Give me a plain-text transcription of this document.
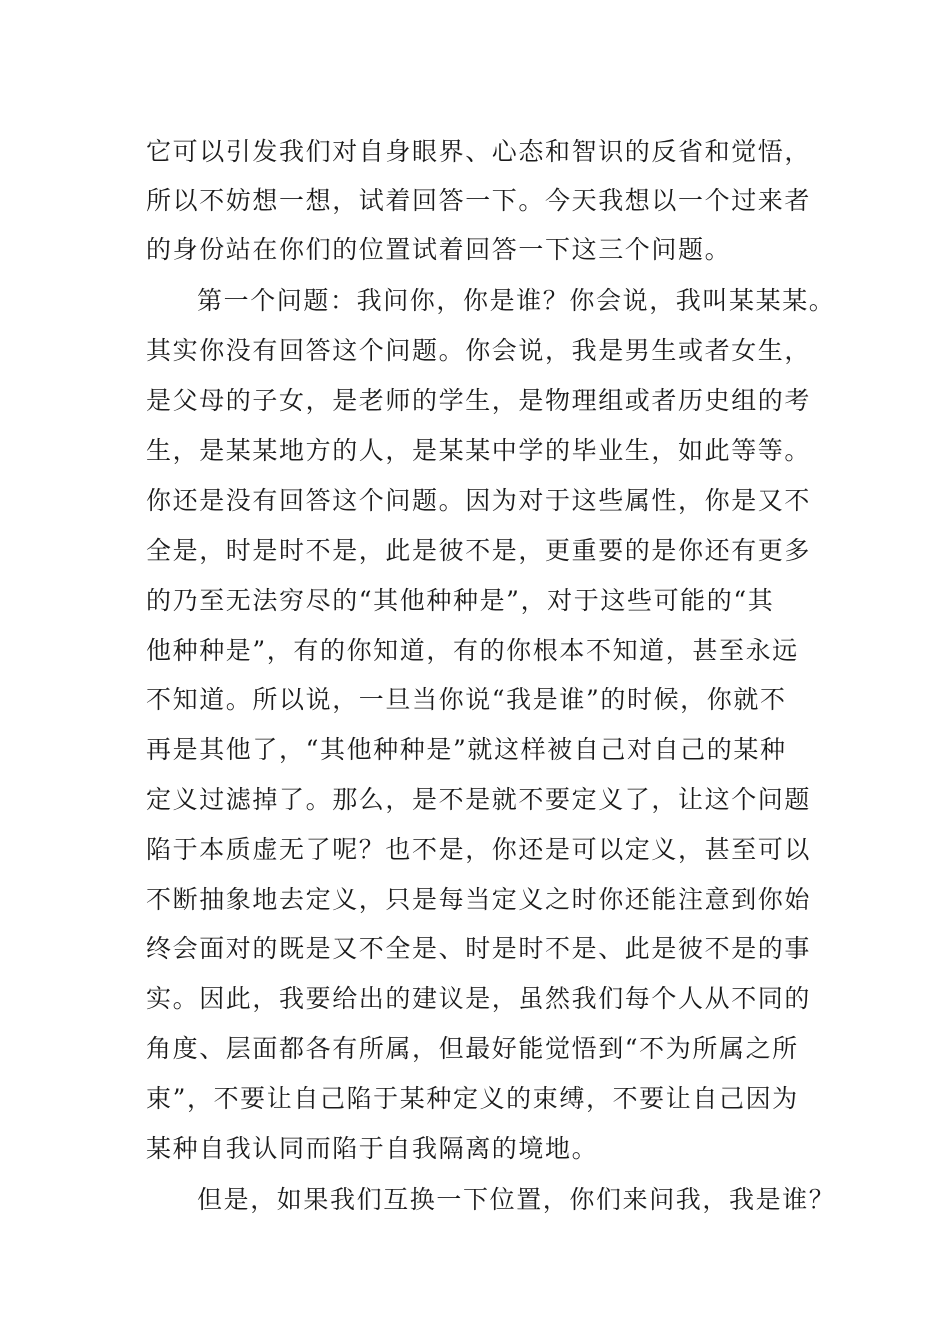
它可以引发我们对自身眼界、心态和智识的反省和觉悟，
所以不妨想一想，试着回答一下。今天我想以一个过来者
的身份站在你们的位置试着回答一下这三个问题。
第一个问题：我问你，你是谁？你会说，我叫某某某。
其实你没有回答这个问题。你会说，我是男生或者女生，
是父母的子女，是老师的学生，是物理组或者历史组的考
生，是某某地方的人，是某某中学的毕业生，如此等等。
你还是没有回答这个问题。因为对于这些属性，你是又不
全是，时是时不是，此是彼不是，更重要的是你还有更多
的乃至无法穷尽的“其他种种是”，对于这些可能的“其
他种种是”，有的你知道，有的你根本不知道，甚至永远
不知道。所以说，一旦当你说“我是谁”的时候，你就不
再是其他了，“其他种种是”就这样被自己对自己的某种
定义过滤掉了。那么，是不是就不要定义了，让这个问题
陷于本质虚无了呢？也不是，你还是可以定义，甚至可以
不断抽象地去定义，只是每当定义之时你还能注意到你始
终会面对的既是又不全是、时是时不是、此是彼不是的事
实。因此，我要给出的建议是，虽然我们每个人从不同的
角度、层面都各有所属，但最好能觉悟到“不为所属之所
束”，不要让自己陷于某种定义的束缚，不要让自己因为
某种自我认同而陷于自我隔离的境地。
但是，如果我们互换一下位置，你们来问我，我是谁？
